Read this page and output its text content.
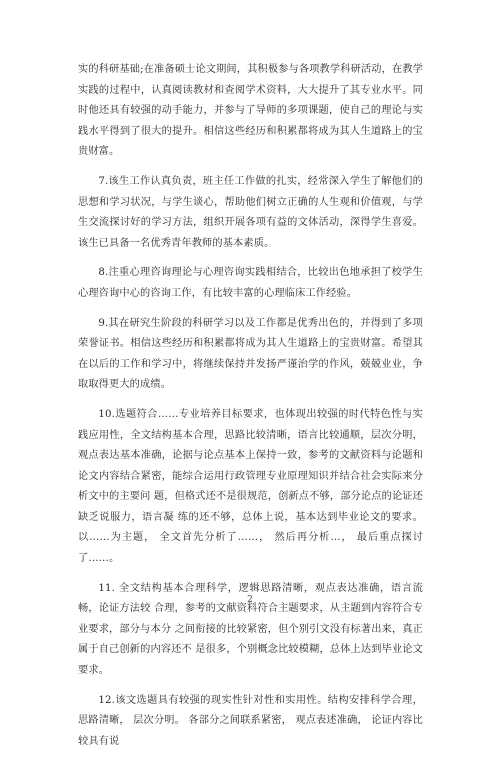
实的科研基础;在准备硕士论文期间，其积极参与各项教学科研活动，在教学实践的过程中，认真阅读教材和查阅学术资料，大大提升了其专业水平。同时他还具有较强的动手能力，并参与了导师的多项课题，使自己的理论与实践水平得到了很大的提升。相信这些经历和积累都将成为其人生道路上的宝贵财富。

7.该生工作认真负责，班主任工作做的扎实，经常深入学生了解他们的思想和学习状况，与学生谈心，帮助他们树立正确的人生观和价值观，与学生交流探讨好的学习方法，组织开展各项有益的文体活动，深得学生喜爱。该生已具备一名优秀青年教师的基本素质。

8.注重心理咨询理论与心理咨询实践相结合，比较出色地承担了校学生心理咨询中心的咨询工作，有比较丰富的心理临床工作经验。

9.其在研究生阶段的科研学习以及工作都是优秀出色的，并得到了多项荣誉证书。相信这些经历和积累都将成为其人生道路上的宝贵财富。希望其在以后的工作和学习中，将继续保持并发扬严谨治学的作风，兢兢业业，争取取得更大的成绩。

10.选题符合……专业培养目标要求，也体现出较强的时代特色性与实践应用性，全文结构基本合理，思路比较清晰，语言比较通顺，层次分明，观点表达基本准确，论据与论点基本上保持一致，参考的文献资料与论题和论文内容结合紧密，能综合运用行政管理专业原理知识并结合社会实际来分析文中的主要问 题，但格式还不是很规范，创新点不够，部分论点的论证还缺乏说服力，语言凝 练的还不够，总体上说，基本达到毕业论文的要求。 以……为主题， 全文首先分析了……， 然后再分析…， 最后重点探讨了……。

11. 全文结构基本合理科学，逻辑思路清晰，观点表达准确，语言流畅，论证方法较 合理，参考的文献资料符合主题要求，从主题到内容符合专业要求，部分与本分 之间衔接的比较紧密，但个别引文没有标著出来，真正属于自己创新的内容还不 是很多，个别概念比较模糊，总体上达到毕业论文要求。

12.该文选题具有较强的现实性针对性和实用性。结构安排科学合理，思路清晰， 层次分明。 各部分之间联系紧密， 观点表述准确， 论证内容比较具有说

2
